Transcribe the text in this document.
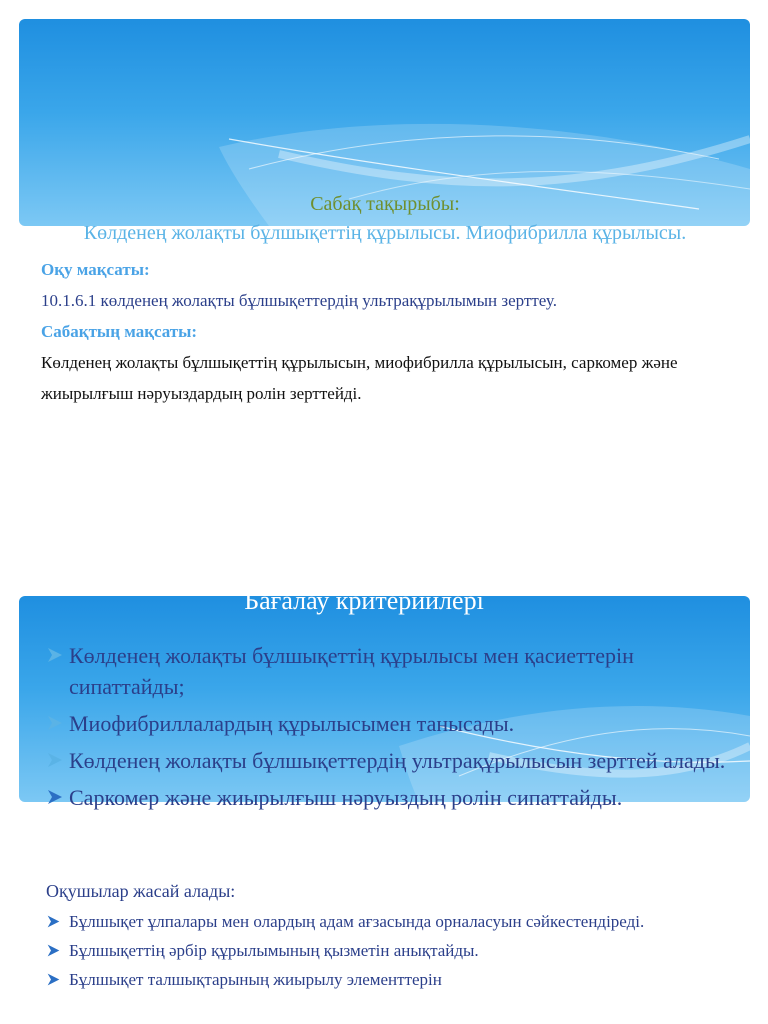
Сабақ тақырыбы:
Көлденең жолақты бұлшықеттің құрылысы. Миофибрилла құрылысы.
Оқу мақсаты:
10.1.6.1 көлденең жолақты бұлшықеттердің ультрақұрылымын зерттеу.
Сабақтың мақсаты:
Көлденең жолақты бұлшықеттің құрылысын, миофибрилла құрылысын, саркомер және жиырылғыш нәруыздардың ролін зерттейді.
Бағалау критерийлері
Көлденең жолақты бұлшықеттің құрылысы мен қасиеттерін сипаттайды;
Миофибриллалардың құрылысымен танысады.
Көлденең жолақты бұлшықеттердің ультрақұрылысын зерттей алады.
Саркомер және жиырылғыш нәруыздың ролін сипаттайды.
Оқушылар жасай алады:
Бұлшықет ұлпалары мен олардың адам ағзасында орналасуын сәйкестендіреді.
Бұлшықеттің әрбір құрылымының қызметін анықтайды.
Бұлшықет талшықтарының жиырылу элементтерін
